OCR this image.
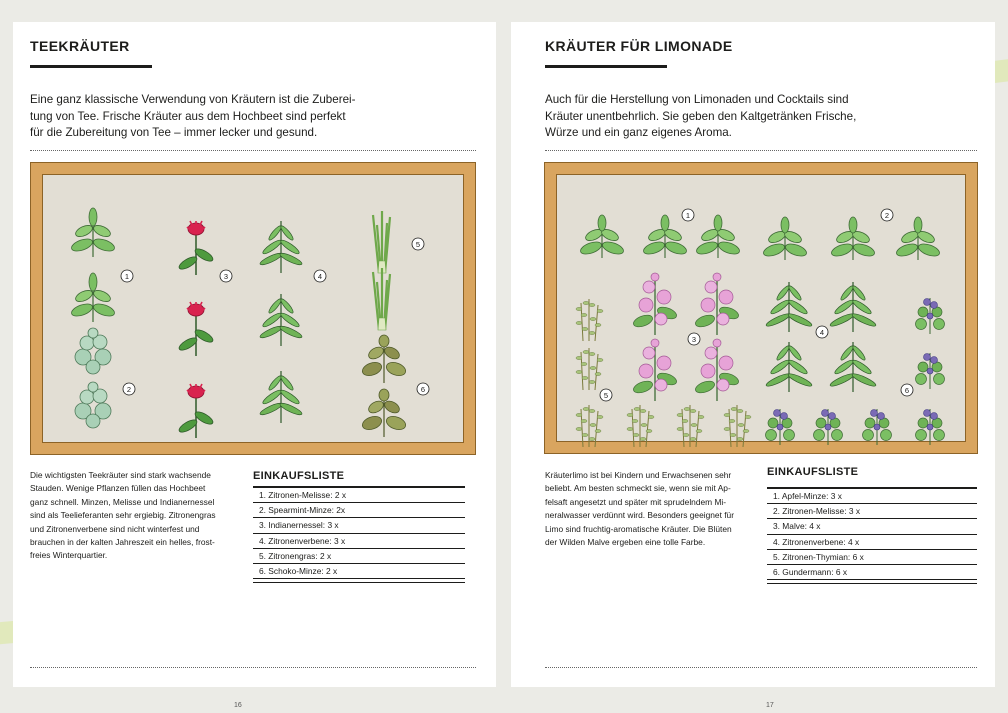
TEEKRÄUTER

Eine ganz klassische Verwendung von Kräutern ist die Zuberei-
tung von Tee. Frische Kräuter aus dem Hochbeet sind perfekt
für die Zubereitung von Tee – immer lecker und gesund.

1
2
3	4
5
6

Die wichtigsten Teekräuter sind stark wachsende
Stauden. Wenige Pflanzen füllen das Hochbeet
ganz schnell. Minzen, Melisse und Indianernessel
sind als Teelieferanten sehr ergiebig. Zitronengras
und Zitronenverbene sind nicht winterfest und
brauchen in der kalten Jahreszeit ein helles, frost-
freies Winterquartier.

EINKAUFSLISTE
1. Zitronen-Melisse: 2 x
2. Spearmint-Minze: 2x
3. Indianernessel: 3 x
4. Zitronenverbene: 3 x
5. Zitronengras: 2 x
6. Schoko-Minze: 2 x
16
KRÄUTER FÜR LIMONADE

Auch für die Herstellung von Limonaden und Cocktails sind
Kräuter unentbehrlich. Sie geben den Kaltgetränken Frische,
Würze und ein ganz eigenes Aroma.

1	2
3
4
5
6

Kräuterlimo ist bei Kindern und Erwachsenen sehr
beliebt. Am besten schmeckt sie, wenn sie mit Ap-
felsaft angesetzt und später mit sprudelndem Mi-
neralwasser verdünnt wird. Besonders geeignet für
Limo sind fruchtig-aromatische Kräuter. Die Blüten
der Wilden Malve ergeben eine tolle Farbe.

EINKAUFSLISTE
1. Apfel-Minze: 3 x
2. Zitronen-Melisse: 3 x
3. Malve: 4 x
4. Zitronenverbene: 4 x
5. Zitronen-Thymian: 6 x
6. Gundermann: 6 x
17
